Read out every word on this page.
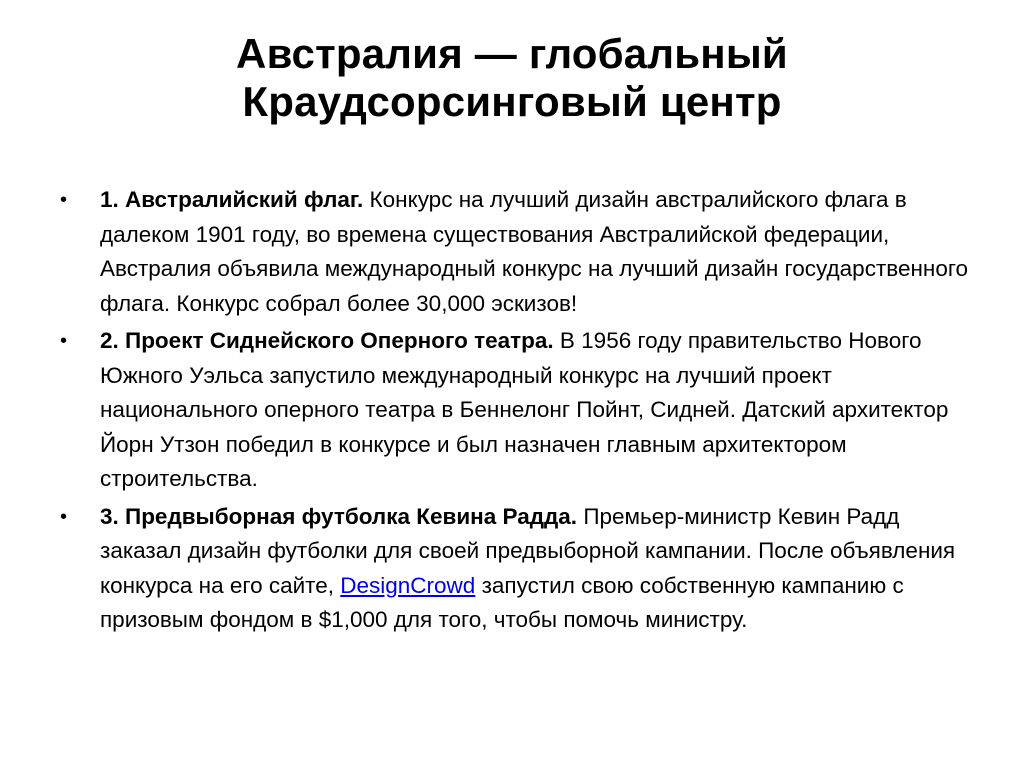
Австралия — глобальный
Краудсорсинговый центр
•	1. Австралийский флаг. Конкурс на лучший дизайн австралийского флага в далеком 1901 году, во времена существования Австралийской федерации, Австралия объявила международный конкурс на лучший дизайн государственного флага. Конкурс собрал более 30,000 эскизов!
•	2. Проект Сиднейского Оперного театра. В 1956 году правительство Нового Южного Уэльса запустило международный конкурс на лучший проект национального оперного театра в Беннелонг Пойнт, Сидней. Датский архитектор Йорн Утзон победил в конкурсе и был назначен главным архитектором строительства.
•	3. Предвыборная футболка Кевина Радда. Премьер-министр Кевин Радд заказал дизайн футболки для своей предвыборной кампании. После объявления конкурса на его сайте, DesignCrowd запустил свою собственную кампанию с призовым фондом в $1,000 для того, чтобы помочь министру.
